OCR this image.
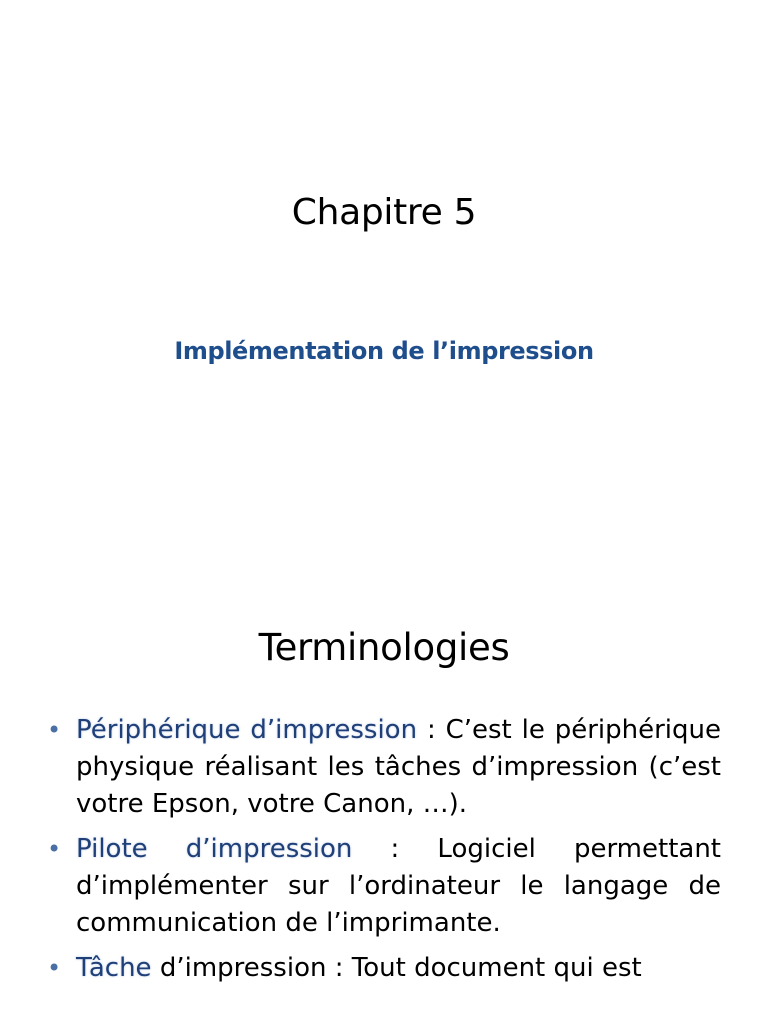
Chapitre 5
Implémentation de l’impression
Terminologies
• Périphérique d’impression : C’est le périphérique physique réalisant les tâches d’impression (c’est votre Epson, votre Canon, …).
• Pilote d’impression : Logiciel permettant d’implémenter sur l’ordinateur le langage de communication de l’imprimante.
• Tâche d’impression : Tout document qui est
